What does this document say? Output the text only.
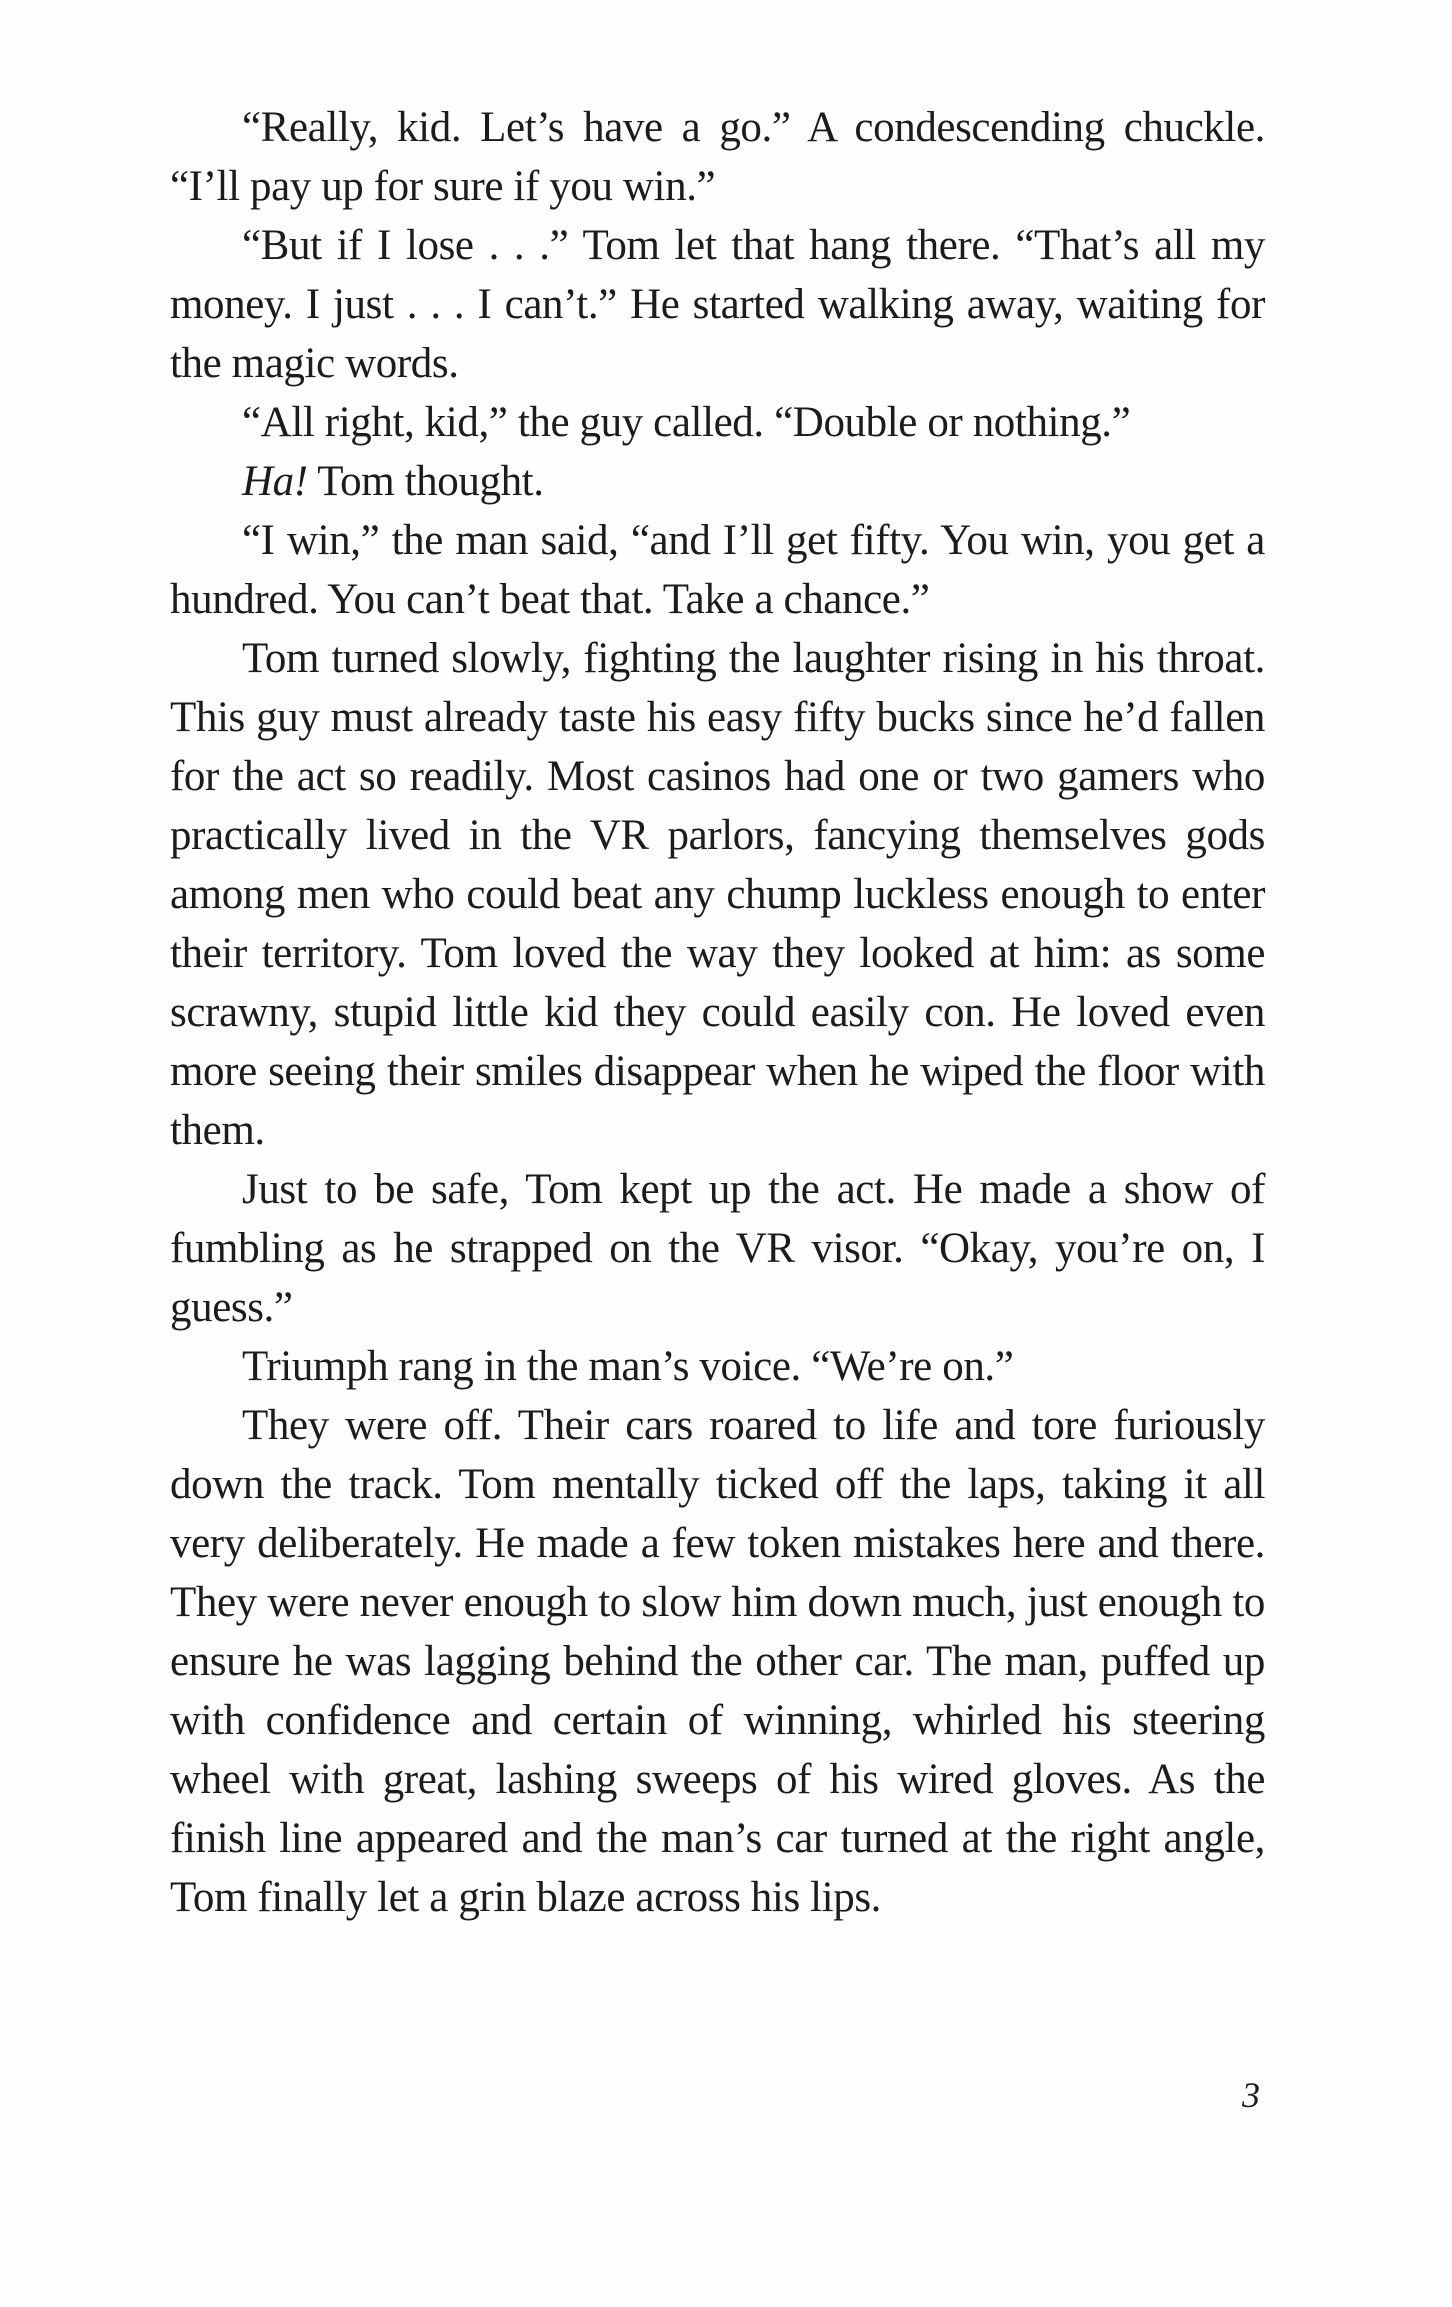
“Really, kid. Let’s have a go.” A condescending chuckle. “I’ll pay up for sure if you win.”

“But if I lose . . .” Tom let that hang there. “That’s all my money. I just . . . I can’t.” He started walking away, waiting for the magic words.

“All right, kid,” the guy called. “Double or nothing.”

Ha! Tom thought.

“I win,” the man said, “and I’ll get fifty. You win, you get a hundred. You can’t beat that. Take a chance.”

Tom turned slowly, fighting the laughter rising in his throat. This guy must already taste his easy fifty bucks since he’d fallen for the act so readily. Most casinos had one or two gamers who practically lived in the VR parlors, fancying themselves gods among men who could beat any chump luckless enough to enter their territory. Tom loved the way they looked at him: as some scrawny, stupid little kid they could easily con. He loved even more seeing their smiles disappear when he wiped the floor with them.

Just to be safe, Tom kept up the act. He made a show of fumbling as he strapped on the VR visor. “Okay, you’re on, I guess.”

Triumph rang in the man’s voice. “We’re on.”

They were off. Their cars roared to life and tore furiously down the track. Tom mentally ticked off the laps, taking it all very deliberately. He made a few token mistakes here and there. They were never enough to slow him down much, just enough to ensure he was lagging behind the other car. The man, puffed up with confidence and certain of winning, whirled his steering wheel with great, lashing sweeps of his wired gloves. As the finish line appeared and the man’s car turned at the right angle, Tom finally let a grin blaze across his lips.

3
